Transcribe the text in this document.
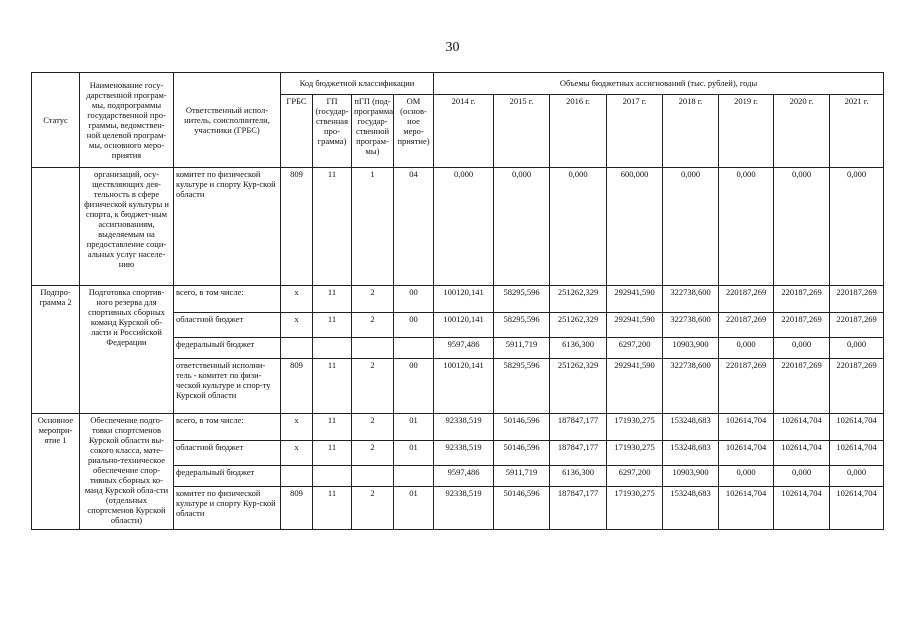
30
Статус	Наименование госу-дарственной програм-мы, подпрограммы государственной про-граммы, ведомствен-ной целевой програм-мы, основного меро-приятия	Ответственный испол-нитель, соисполнители, участники (ГРБС)	Код бюджетной классификации				Объемы бюджетных ассигнований (тыс. рублей), годы							
			ГРБС	ГП (государ-ственная про-грамма)	пГП (под-программа государ-ственной програм-мы)	ОМ (основ-ное меро-приятие)	2014 г.	2015 г.	2016 г.	2017 г.	2018 г.	2019 г.	2020 г.	2021 г.
	организаций, осу-ществляющих дея-тельность в сфере физической культуры и спорта, к бюджет-ным ассигнованиям, выделяемым на предоставление соци-альных услуг населе-нию	комитет по физической культуре и спорту Кур-ской области	809	11	1	04	0,000	0,000	0,000	600,000	0,000	0,000	0,000	0,000
Подпро-грамма 2	Подготовка спортив-ного резерва для спортивных сборных команд Курской об-ласти и Российской Федерации	всего, в том числе:	х	11	2	00	100120,141	58295,596	251262,329	292941,590	322738,600	220187,269	220187,269	220187,269
		областной бюджет	х	11	2	00	100120,141	58295,596	251262,329	292941,590	322738,600	220187,269	220187,269	220187,269
		федеральный бюджет					9597,486	5911,719	6136,300	6297,200	10903,900	0,000	0,000	0,000
		ответственный исполни-тель - комитет по физи-ческой культуре и спор-ту Курской области	809	11	2	00	100120,141	58295,596	251262,329	292941,590	322738,600	220187,269	220187,269	220187,269
Основное меропри-ятие 1	Обеспечение подго-товки спортсменов Курской области вы-сокого класса, мате-риально-техническое обеспечение спор-тивных сборных ко-манд Курской обла-сти (отдельных спортсменов Курской области)	всего, в том числе:	х	11	2	01	92338,519	50146,596	187847,177	171930,275	153248,683	102614,704	102614,704	102614,704
		областной бюджет	х	11	2	01	92338,519	50146,596	187847,177	171930,275	153248,683	102614,704	102614,704	102614,704
		федеральный бюджет					9597,486	5911,719	6136,300	6297,200	10903,900	0,000	0,000	0,000
		комитет по физической культуре и спорту Кур-ской области	809	11	2	01	92338,519	50146,596	187847,177	171930,275	153248,683	102614,704	102614,704	102614,704
